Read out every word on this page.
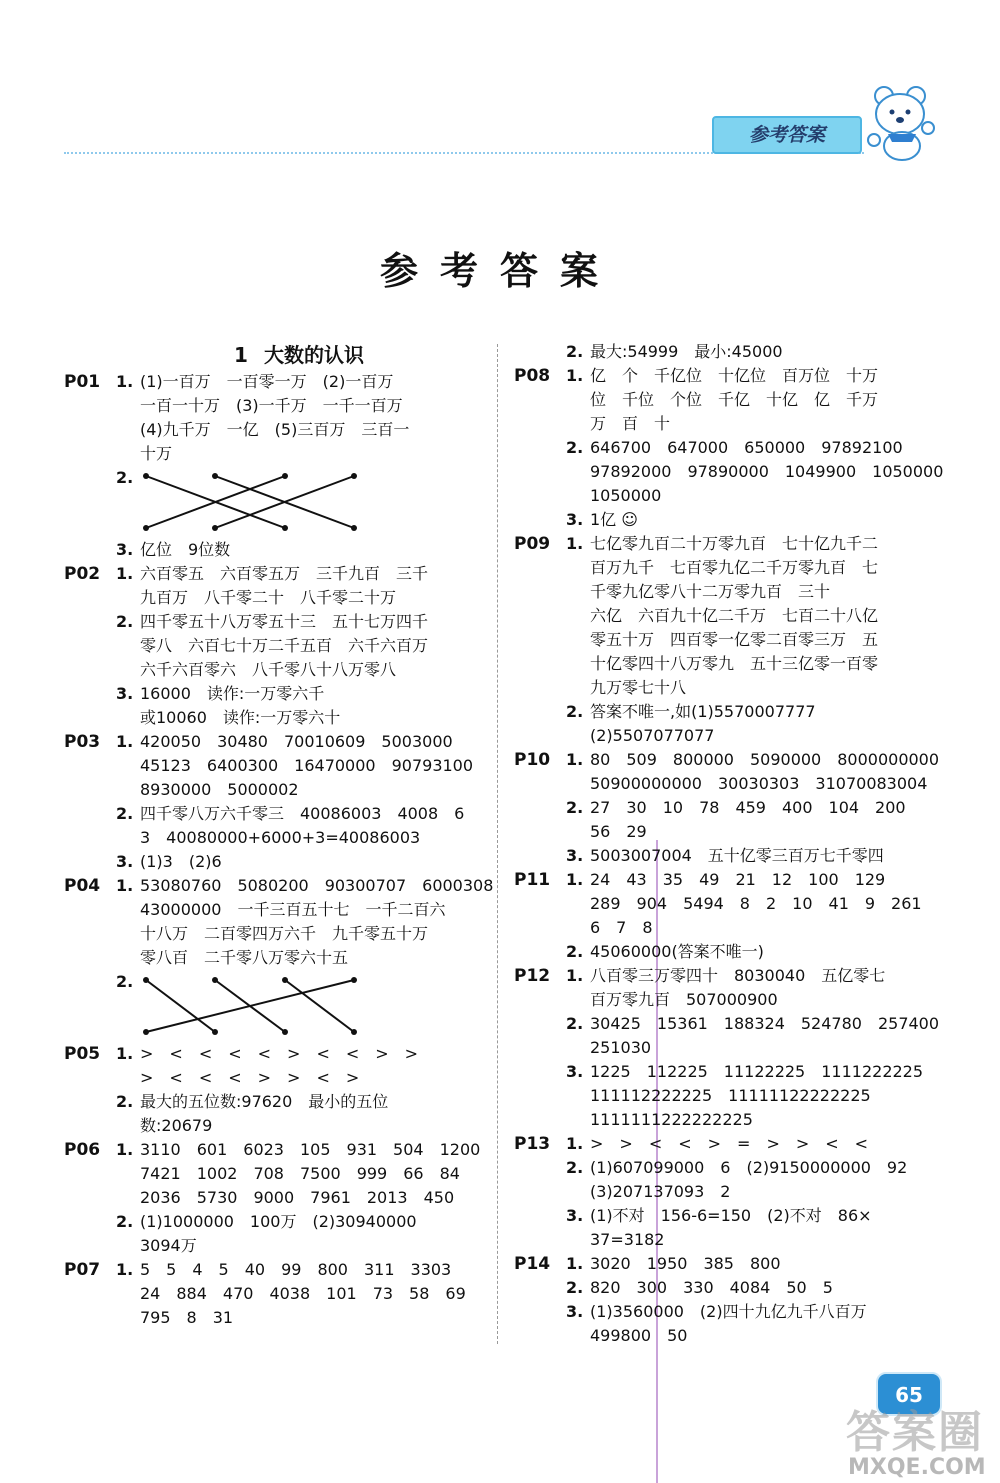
参考答案
参考答案
1 大数的认识
P01 1. (1)一百万　一百零一万　(2)一百万
一百一十万　(3)一千万　一千一百万
(4)九千万　一亿　(5)三百万　三百一
十万
2.
3. 亿位　9位数
P02 1. 六百零五　六百零五万　三千九百　三千
九百万　八千零二十　八千零二十万
2. 四千零五十八万零五十三　五十七万四千
零八　六百七十万二千五百　六千六百万
六千六百零六　八千零八十八万零八
3. 16000　读作:一万零六千
或10060　读作:一万零六十
P03 1. 420050　30480　70010609　5003000
45123　6400300　16470000　90793100
8930000　5000002
2. 四千零八万六千零三　40086003　4008　6
3　40080000+6000+3=40086003
3. (1)3　(2)6
P04 1. 53080760　5080200　90300707　6000308
43000000　一千三百五十七　一千二百六
十八万　二百零四万六千　九千零五十万
零八百　二千零八万零六十五
2.
P05 1. >　<　<　<　<　>　<　<　>　>
>　<　<　<　>　>　<　>
2. 最大的五位数:97620　最小的五位
数:20679
P06 1. 3110　601　6023　105　931　504　1200
7421　1002　708　7500　999　66　84
2036　5730　9000　7961　2013　450
2. (1)1000000　100万　(2)30940000
3094万
P07 1. 5　5　4　5　40　99　800　311　3303
24　884　470　4038　101　73　58　69
795　8　31
2. 最大:54999　最小:45000
P08 1. 亿　个　千亿位　十亿位　百万位　十万
位　千位　个位　千亿　十亿　亿　千万
万　百　十
2. 646700　647000　650000　97892100
97892000　97890000　1049900　1050000
1050000
3. 1亿 ☺
P09 1. 七亿零九百二十万零九百　七十亿九千二
百万九千　七百零九亿二千万零九百　七
千零九亿零八十二万零九百　三十
六亿　六百九十亿二千万　七百二十八亿
零五十万　四百零一亿零二百零三万　五
十亿零四十八万零九　五十三亿零一百零
九万零七十八
2. 答案不唯一,如(1)5570007777
(2)5507077077
P10 1. 80　509　800000　5090000　8000000000
50900000000　30030303　31070083004
2. 27　30　10　78　459　400　104　200
56　29
3. 5003007004　五十亿零三百万七千零四
P11 1. 24　43　35　49　21　12　100　129
289　904　5494　8　2　10　41　9　261
6　7　8
2. 45060000(答案不唯一)
P12 1. 八百零三万零四十　8030040　五亿零七
百万零九百　507000900
2. 30425　15361　188324　524780　257400
251030
3. 1225　112225　11122225　1111222225
111112222225　11111122222225
1111111222222225
P13 1. >　>　<　<　>　=　>　>　<　<
2. (1)607099000　6　(2)9150000000　92
(3)207137093　2
3. (1)不对　156-6=150　(2)不对　86×
37=3182
P14 1. 3020　1950　385　800
2. 820　300　330　4084　50　5
3. (1)3560000　(2)四十九亿九千八百万
499800　50
65
答案圈
MXQE.COM
